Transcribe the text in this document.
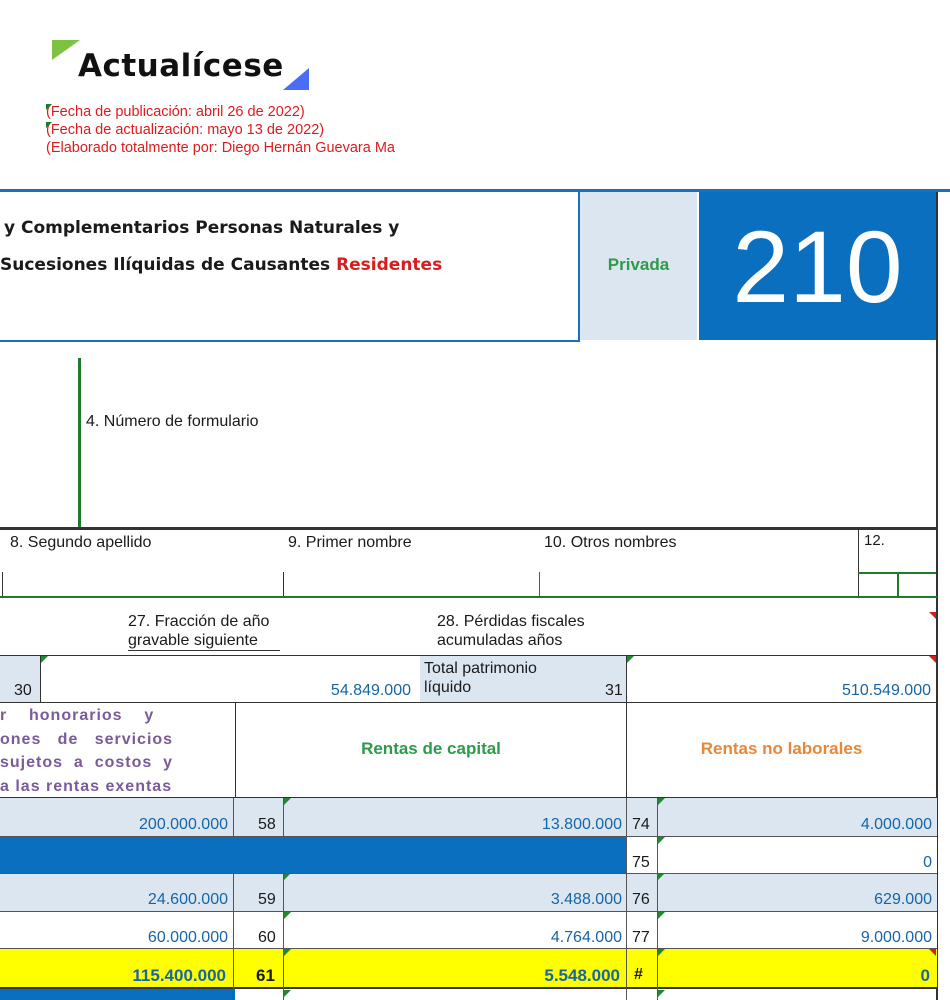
Actualícese
(Fecha de publicación: abril 26 de 2022)
(Fecha de actualización: mayo 13 de 2022)
(Elaborado totalmente por: Diego Hernán Guevara Ma
y Complementarios Personas Naturales y
Sucesiones Ilíquidas de Causantes Residentes	Privada 210
4. Número de formulario
8. Segundo apellido	9. Primer nombre	10. Otros nombres	12.
27. Fracción de año
gravable siguiente
28. Pérdidas fiscales
acumuladas años
30	54.849.000
Total patrimonio
líquido	31	510.549.000
r    honorarios    y
ones   de   servicios
sujetos  a  costos  y
a las rentas exentas
Rentas de capital	Rentas no laborales
200.000.000 58	13.800.000 74	4.000.000
75	0
24.600.000 59	3.488.000 76	629.000
60.000.000 60	4.764.000 77	9.000.000
115.400.000 61	5.548.000 #	0
